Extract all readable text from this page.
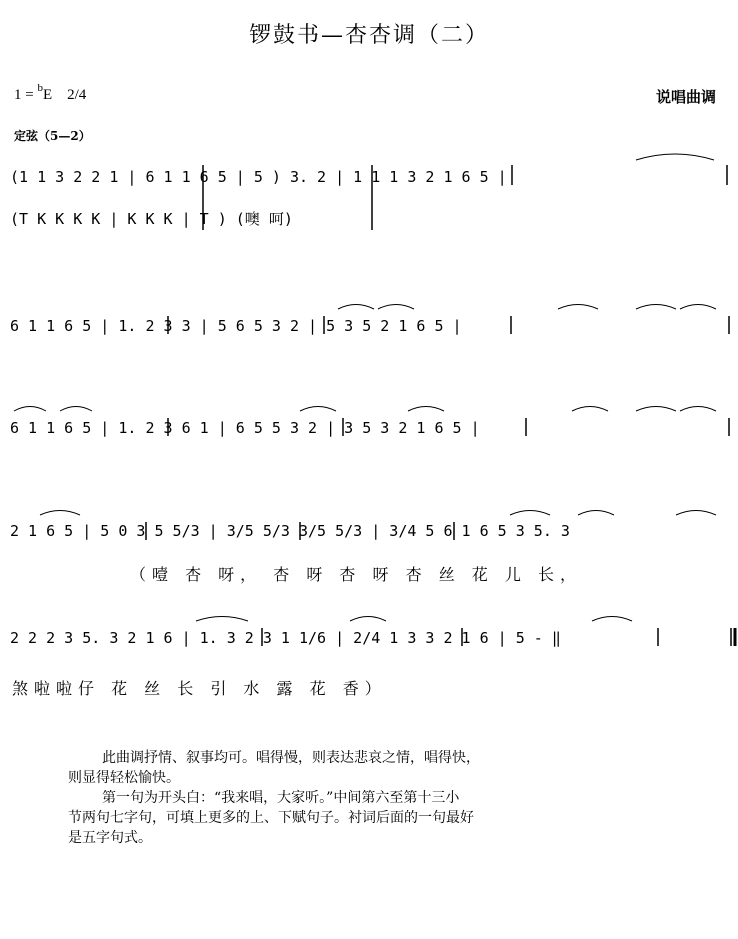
锣鼓书—杏杏调（二）
1 = $^b$E 2/4	说唱曲调
定弦（5—2）
(1 1 3 2 2 1 | 6 1 1 6 5 | 5 ) 3. 2 | 1 1 1 3 2 1 6 5 |
(T K K K K | K K K | T ) (噢 呵)
6 1 1 6 5 | 1. 2 3 3 | 5 6 5 3 2 | 5 3 5 2 1 6 5 |
6 1 1 6 5 | 1. 2 3 6 1 | 6 5 5 3 2 | 3 5 3 2 1 6 5 |
2 1 6 5 | 5 0 3 5 5/3 | 3/5 5/3 3/5 5/3 | 3/4 5 6 1 6 5 3 5. 3
（噎 杏 呀， 杏 呀 杏 呀 杏 丝 花 儿 长，
2 2 2 3 5. 3 2 1 6 | 1. 3 2 3 1 1/6 | 2/4 1 3 3 2 1 6 | 5 - ‖
煞啦啦仔 花 丝 长 引 水 露 花 香）

此曲调抒情、叙事均可。唱得慢，则表达悲哀之情，唱得快，

则显得轻松愉快。

第一句为开头白：“我来唱，大家听。”中间第六至第十三小

节两句七字句，可填上更多的上、下赋句子。衬词后面的一句最好

是五字句式。
